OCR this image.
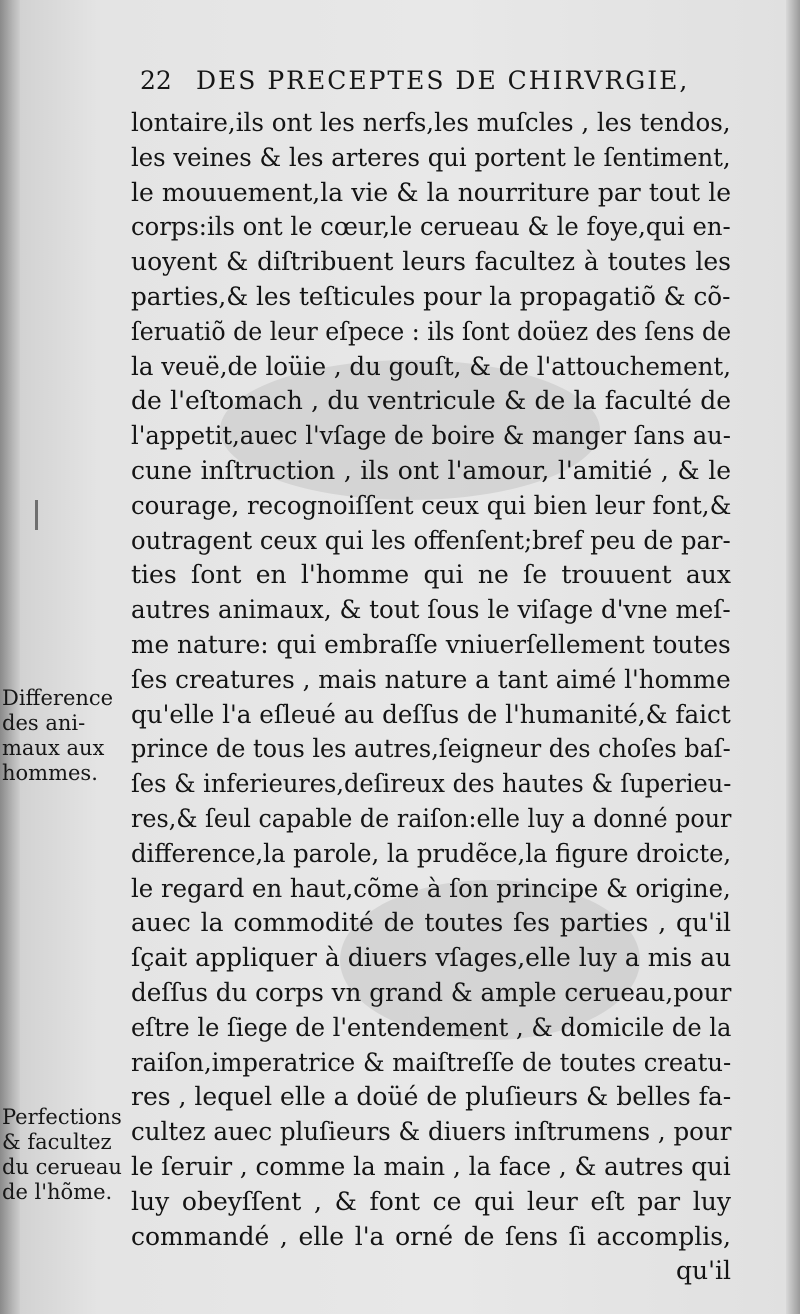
22 DES PRECEPTES DE CHIRVRGIE,
lontaire,ils ont les nerfs,les muſcles , les tendos,
les veines & les arteres qui portent le ſentiment,
le mouuement,la vie & la nourriture par tout le
corps:ils ont le cœur,le cerueau & le foye,qui en-
uoyent & diſtribuent leurs facultez à toutes les
parties,& les teſticules pour la propagatiõ & cõ-
ſeruatiõ de leur eſpece : ils ſont doüez des ſens de
la veuë,de loüie , du gouſt, & de l'attouchement,
de l'eſtomach , du ventricule & de la faculté de
l'appetit,auec l'vſage de boire & manger ſans au-
cune inſtruction , ils ont l'amour, l'amitié , & le
courage, recognoiſſent ceux qui bien leur font,&
outragent ceux qui les offenſent;bref peu de par-
ties ſont en l'homme qui ne ſe trouuent aux
autres animaux, & tout ſous le viſage d'vne meſ-
me nature: qui embraſſe vniuerſellement toutes
ſes creatures , mais nature a tant aimé l'homme
qu'elle l'a eſleué au deſſus de l'humanité,& faict
prince de tous les autres,ſeigneur des choſes baſ-
ſes & inferieures,deſireux des hautes & ſuperieu-
res,& ſeul capable de raiſon:elle luy a donné pour
difference,la parole, la prudẽce,la figure droicte,
le regard en haut,cõme à ſon principe & origine,
auec la commodité de toutes ſes parties , qu'il
ſçait appliquer à diuers vſages,elle luy a mis au
deſſus du corps vn grand & ample cerueau,pour
eſtre le ſiege de l'entendement , & domicile de la
raiſon,imperatrice & maiſtreſſe de toutes creatu-
res , lequel elle a doüé de pluſieurs & belles fa-
cultez auec pluſieurs & diuers inſtrumens , pour
le ſeruir , comme la main , la face , & autres qui
luy obeyſſent , & font ce qui leur eſt par luy
commandé , elle l'a orné de ſens ſi accomplis,
Difference
des ani-
maux aux
hommes.
Perfections
& facultez
du cerueau
de l'hõme.
qu'il
